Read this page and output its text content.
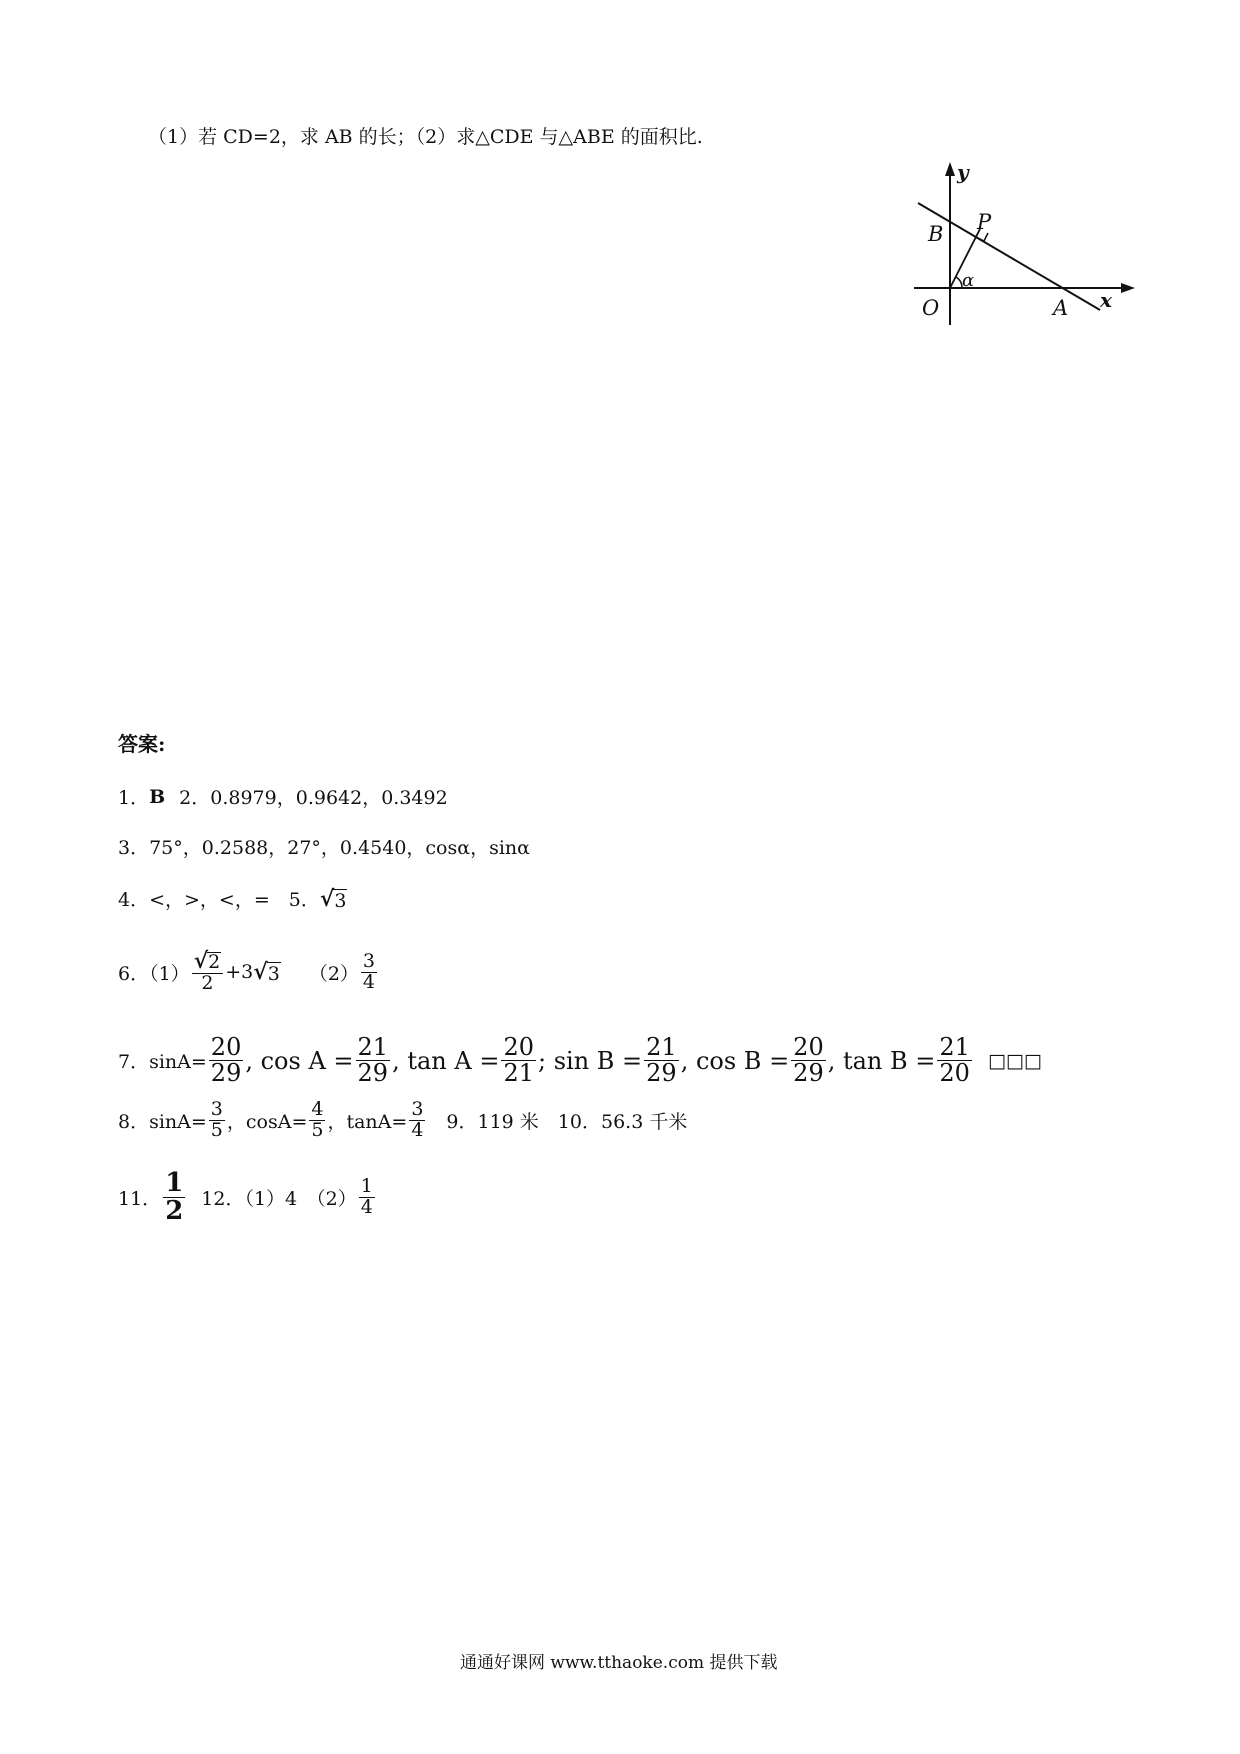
（1）若 CD=2，求 AB 的长；（2）求△CDE 与△ABE 的面积比.
y
B P
α
O	A x
答案:
1． B 2．0.8979，0.9642，0.3492
3．75°，0.2588，27°，0.4540，cosα，sinα
4．<，>，<，=　5． √ 3
6．$(1) \frac{√ 2}{2} +3$ √ 3 $(2) \frac{3}{4}$
7．$\sin A= \frac{20}{29}$ , $\cos A = \frac{21}{29}$ , $\tan A = \frac{20}{21}$ ; $\sin B = \frac{21}{29}$ , $\cos B = \frac{20}{29}$ , $\tan B = \frac{21}{20}$ □□□
8．$\sin A= \frac{3}{5}$ ，$\cos A= \frac{4}{5}$ ，$\tan A= \frac{3}{4}$ 　9．119 米　10．56.3 千米
11． $\frac{1}{2} 12$．（1）4　$(2) \frac{1}{4}$
通通好课网 www.tthaoke.com 提供下载
